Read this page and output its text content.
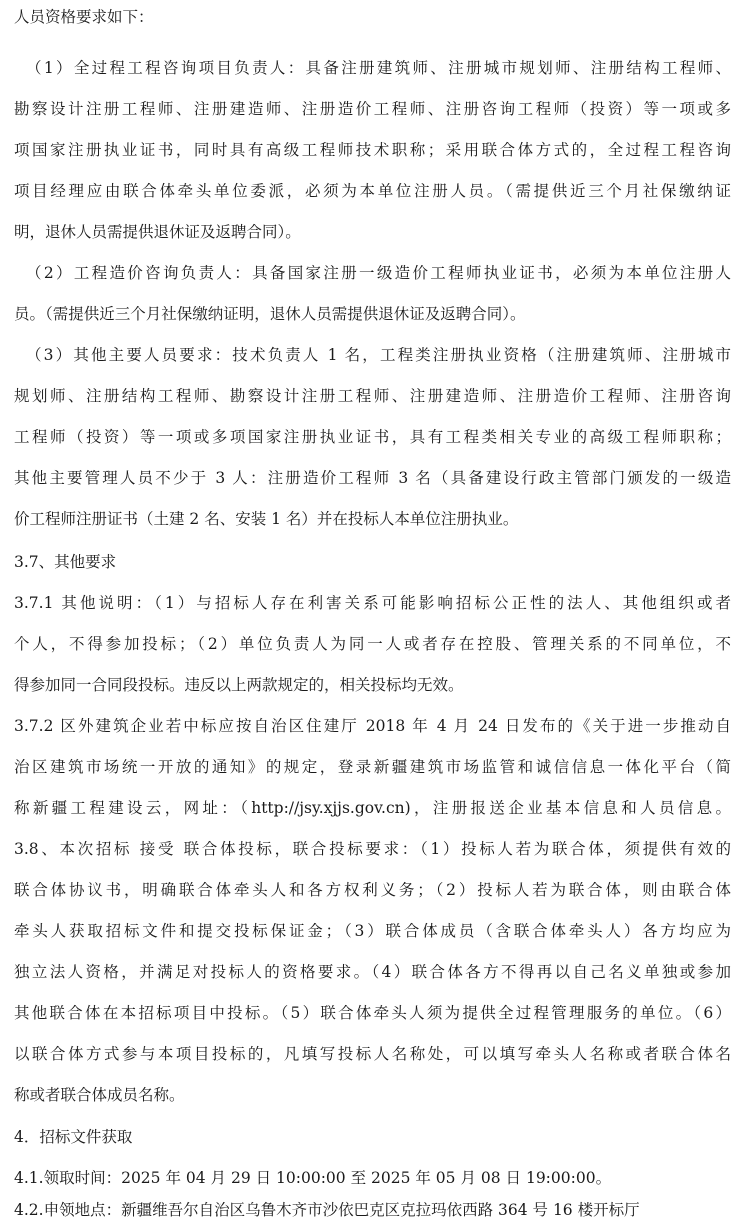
人员资格要求如下：
（1）全过程工程咨询项目负责人：具备注册建筑师、注册城市规划师、注册结构工程师、
勘察设计注册工程师、注册建造师、注册造价工程师、注册咨询工程师（投资）等一项或多
项国家注册执业证书，同时具有高级工程师技术职称；采用联合体方式的，全过程工程咨询
项目经理应由联合体牵头单位委派，必须为本单位注册人员。（需提供近三个月社保缴纳证
明，退休人员需提供退休证及返聘合同）。
（2）工程造价咨询负责人：具备国家注册一级造价工程师执业证书，必须为本单位注册人
员。（需提供近三个月社保缴纳证明，退休人员需提供退休证及返聘合同）。
（3）其他主要人员要求：技术负责人 1 名，工程类注册执业资格（注册建筑师、注册城市
规划师、注册结构工程师、勘察设计注册工程师、注册建造师、注册造价工程师、注册咨询
工程师（投资）等一项或多项国家注册执业证书，具有工程类相关专业的高级工程师职称；
其他主要管理人员不少于 3 人：注册造价工程师 3 名（具备建设行政主管部门颁发的一级造
价工程师注册证书（土建 2 名、安装 1 名）并在投标人本单位注册执业。
3.7、其他要求
3.7.1 其他说明：（1）与招标人存在利害关系可能影响招标公正性的法人、其他组织或者
个人，不得参加投标；（2）单位负责人为同一人或者存在控股、管理关系的不同单位，不
得参加同一合同段投标。违反以上两款规定的，相关投标均无效。
3.7.2 区外建筑企业若中标应按自治区住建厅 2018 年 4 月 24 日发布的《关于进一步推动自
治区建筑市场统一开放的通知》的规定，登录新疆建筑市场监管和诚信信息一体化平台（简
称新疆工程建设云，网址：（http://jsy.xjjs.gov.cn)，注册报送企业基本信息和人员信息。
3.8、本次招标 接受 联合体投标，联合投标要求：（1）投标人若为联合体，须提供有效的
联合体协议书，明确联合体牵头人和各方权利义务；（2）投标人若为联合体，则由联合体
牵头人获取招标文件和提交投标保证金；（3）联合体成员（含联合体牵头人）各方均应为
独立法人资格，并满足对投标人的资格要求。（4）联合体各方不得再以自己名义单独或参加
其他联合体在本招标项目中投标。（5）联合体牵头人须为提供全过程管理服务的单位。（6）
以联合体方式参与本项目投标的，凡填写投标人名称处，可以填写牵头人名称或者联合体名
称或者联合体成员名称。
4．招标文件获取
4.1.领取时间：2025 年 04 月 29 日 10:00:00 至 2025 年 05 月 08 日 19:00:00。
4.2.申领地点：新疆维吾尔自治区乌鲁木齐市沙依巴克区克拉玛依西路 364 号 16 楼开标厅
